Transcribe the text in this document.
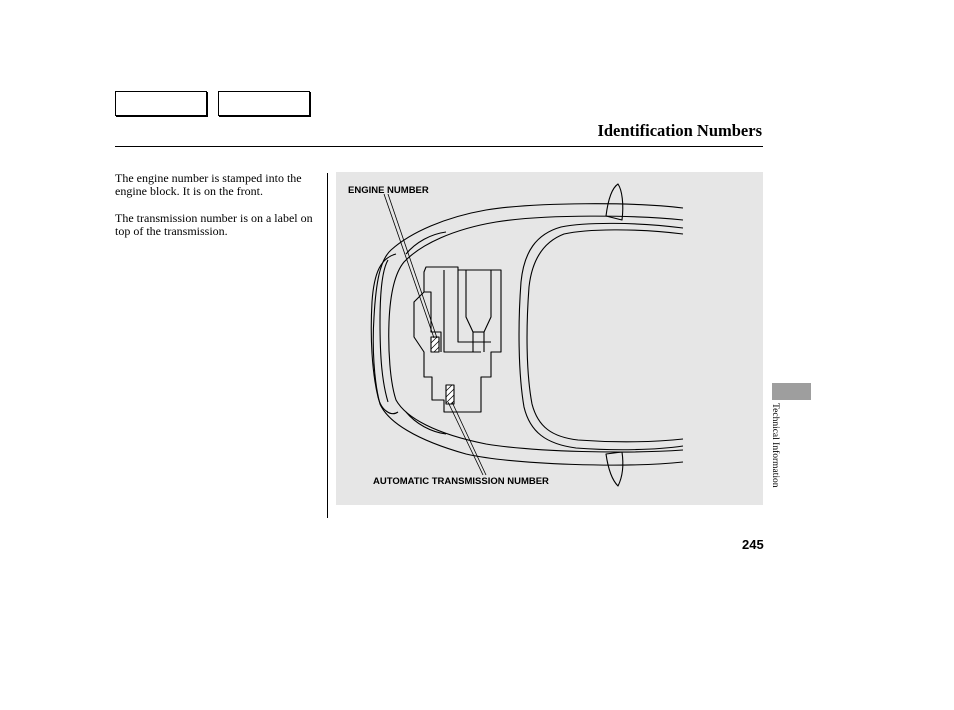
Identification Numbers
The engine number is stamped into the engine block. It is on the front.
The transmission number is on a label on top of the transmission.
ENGINE NUMBER
AUTOMATIC TRANSMISSION NUMBER
245
Technical Information
